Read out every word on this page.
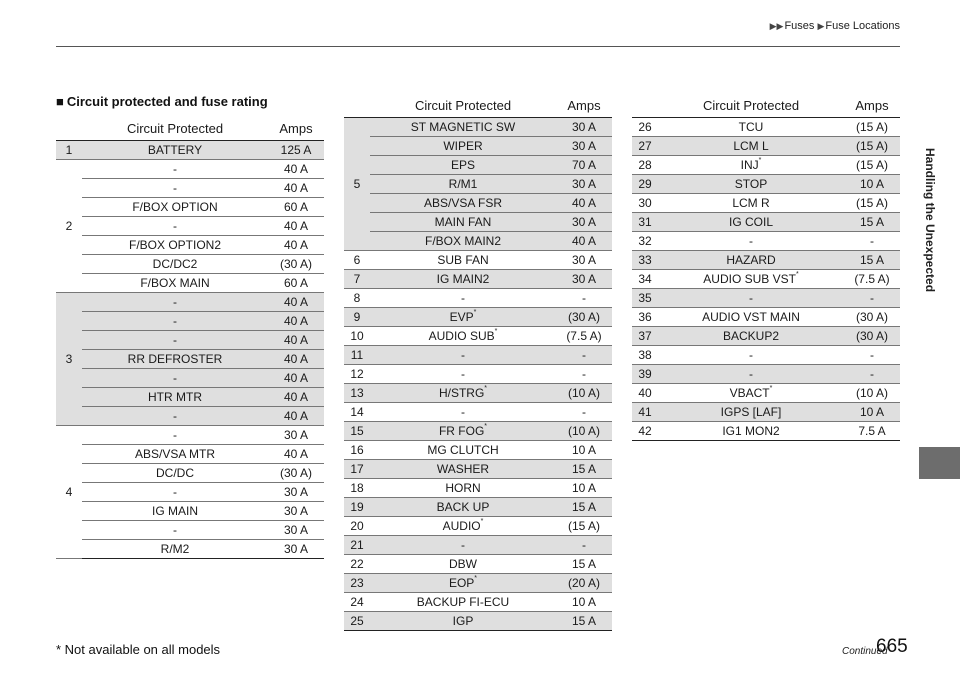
▶▶Fuses ▶Fuse Locations
Handling the Unexpected
■ Circuit protected and fuse rating
	Circuit Protected	Amps
1	BATTERY	125 A
2	-	40 A
	-	40 A
	F/BOX OPTION	60 A
	-	40 A
	F/BOX OPTION2	40 A
	DC/DC2	(30 A)
	F/BOX MAIN	60 A
3	-	40 A
	-	40 A
	-	40 A
	RR DEFROSTER	40 A
	-	40 A
	HTR MTR	40 A
	-	40 A
4	-	30 A
	ABS/VSA MTR	40 A
	DC/DC	(30 A)
	-	30 A
	IG MAIN	30 A
	-	30 A
	R/M2	30 A
	Circuit Protected	Amps
5	ST MAGNETIC SW	30 A
	WIPER	30 A
	EPS	70 A
	R/M1	30 A
	ABS/VSA FSR	40 A
	MAIN FAN	30 A
	F/BOX MAIN2	40 A
6	SUB FAN	30 A
7	IG MAIN2	30 A
8	-	-
9	EVP*	(30 A)
10	AUDIO SUB*	(7.5 A)
11	-	-
12	-	-
13	H/STRG*	(10 A)
14	-	-
15	FR FOG*	(10 A)
16	MG CLUTCH	10 A
17	WASHER	15 A
18	HORN	10 A
19	BACK UP	15 A
20	AUDIO*	(15 A)
21	-	-
22	DBW	15 A
23	EOP*	(20 A)
24	BACKUP FI-ECU	10 A
25	IGP	15 A
	Circuit Protected	Amps
26	TCU	(15 A)
27	LCM L	(15 A)
28	INJ*	(15 A)
29	STOP	10 A
30	LCM R	(15 A)
31	IG COIL	15 A
32	-	-
33	HAZARD	15 A
34	AUDIO SUB VST*	(7.5 A)
35	-	-
36	AUDIO VST MAIN	(30 A)
37	BACKUP2	(30 A)
38	-	-
39	-	-
40	VBACT*	(10 A)
41	IGPS [LAF]	10 A
42	IG1 MON2	7.5 A
* Not available on all models	Continued
665
